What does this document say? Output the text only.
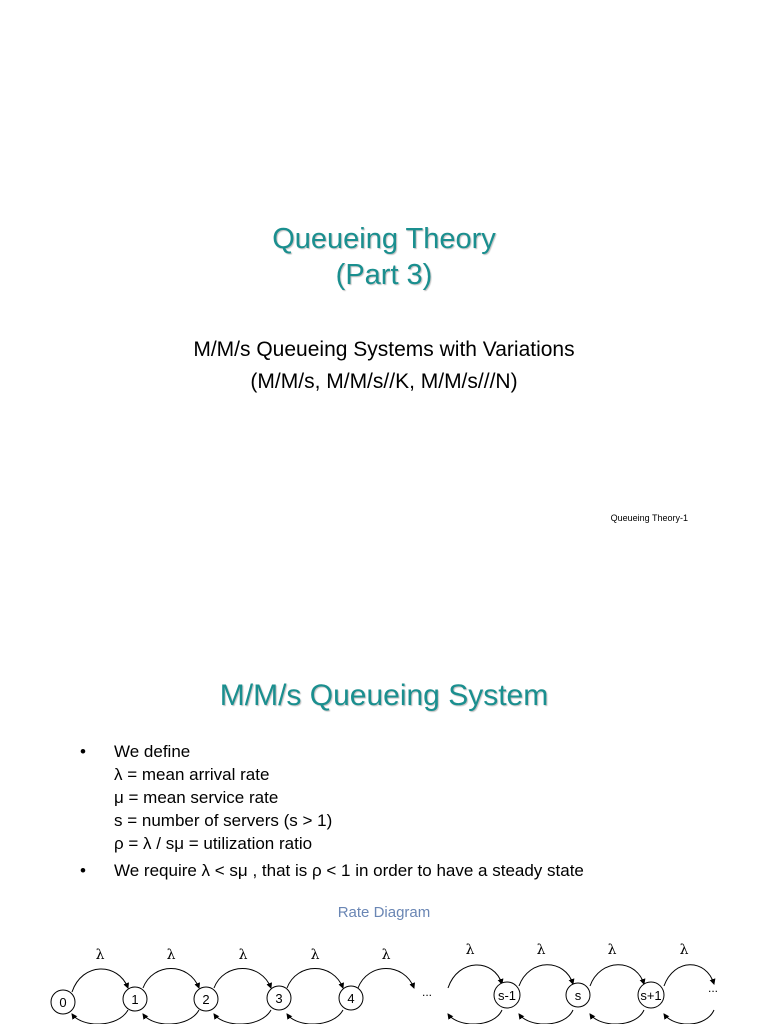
Queueing Theory
(Part 3)
M/M/s Queueing Systems with Variations
(M/M/s, M/M/s//K, M/M/s///N)
Queueing Theory-1
M/M/s Queueing System
• We define
λ = mean arrival rate
μ = mean service rate
s = number of servers (s > 1)
ρ = λ / sμ = utilization ratio
• We require λ < sμ , that is ρ < 1 in order to have a steady state
Rate Diagram
λ	λ	λ	λ	λ	λ	λ	λ	λ
0	1	2	3	4	...	s-1	s	s+1	...
